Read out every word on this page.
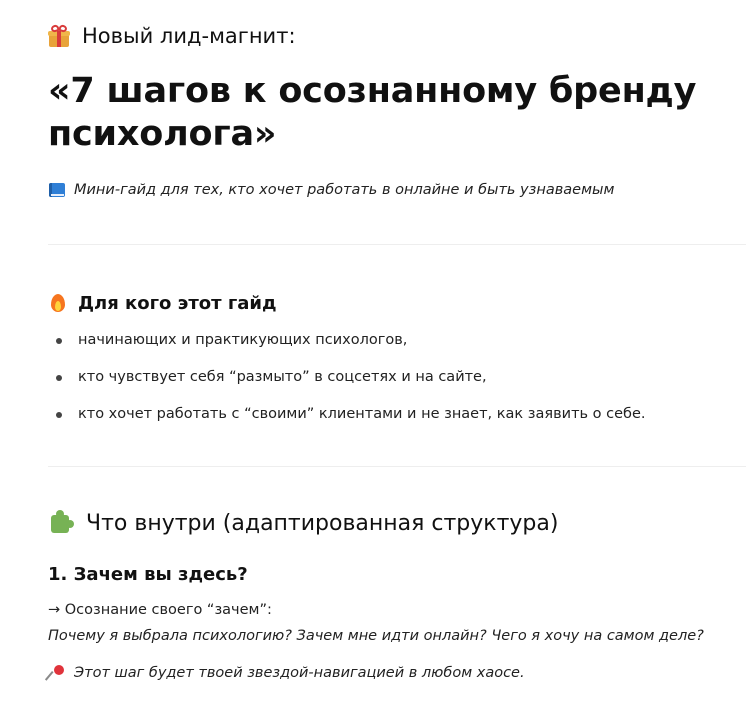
Новый лид-магнит:
«7 шагов к осознанному бренду психолога»
Мини-гайд для тех, кто хочет работать в онлайне и быть узнаваемым
Для кого этот гайд
начинающих и практикующих психологов,
кто чувствует себя “размыто” в соцсетях и на сайте,
кто хочет работать с “своими” клиентами и не знает, как заявить о себе.
Что внутри (адаптированная структура)
1. Зачем вы здесь?
→ Осознание своего “зачем”:
Почему я выбрала психологию? Зачем мне идти онлайн? Чего я хочу на самом деле?
Этот шаг будет твоей звездой-навигацией в любом хаосе.
